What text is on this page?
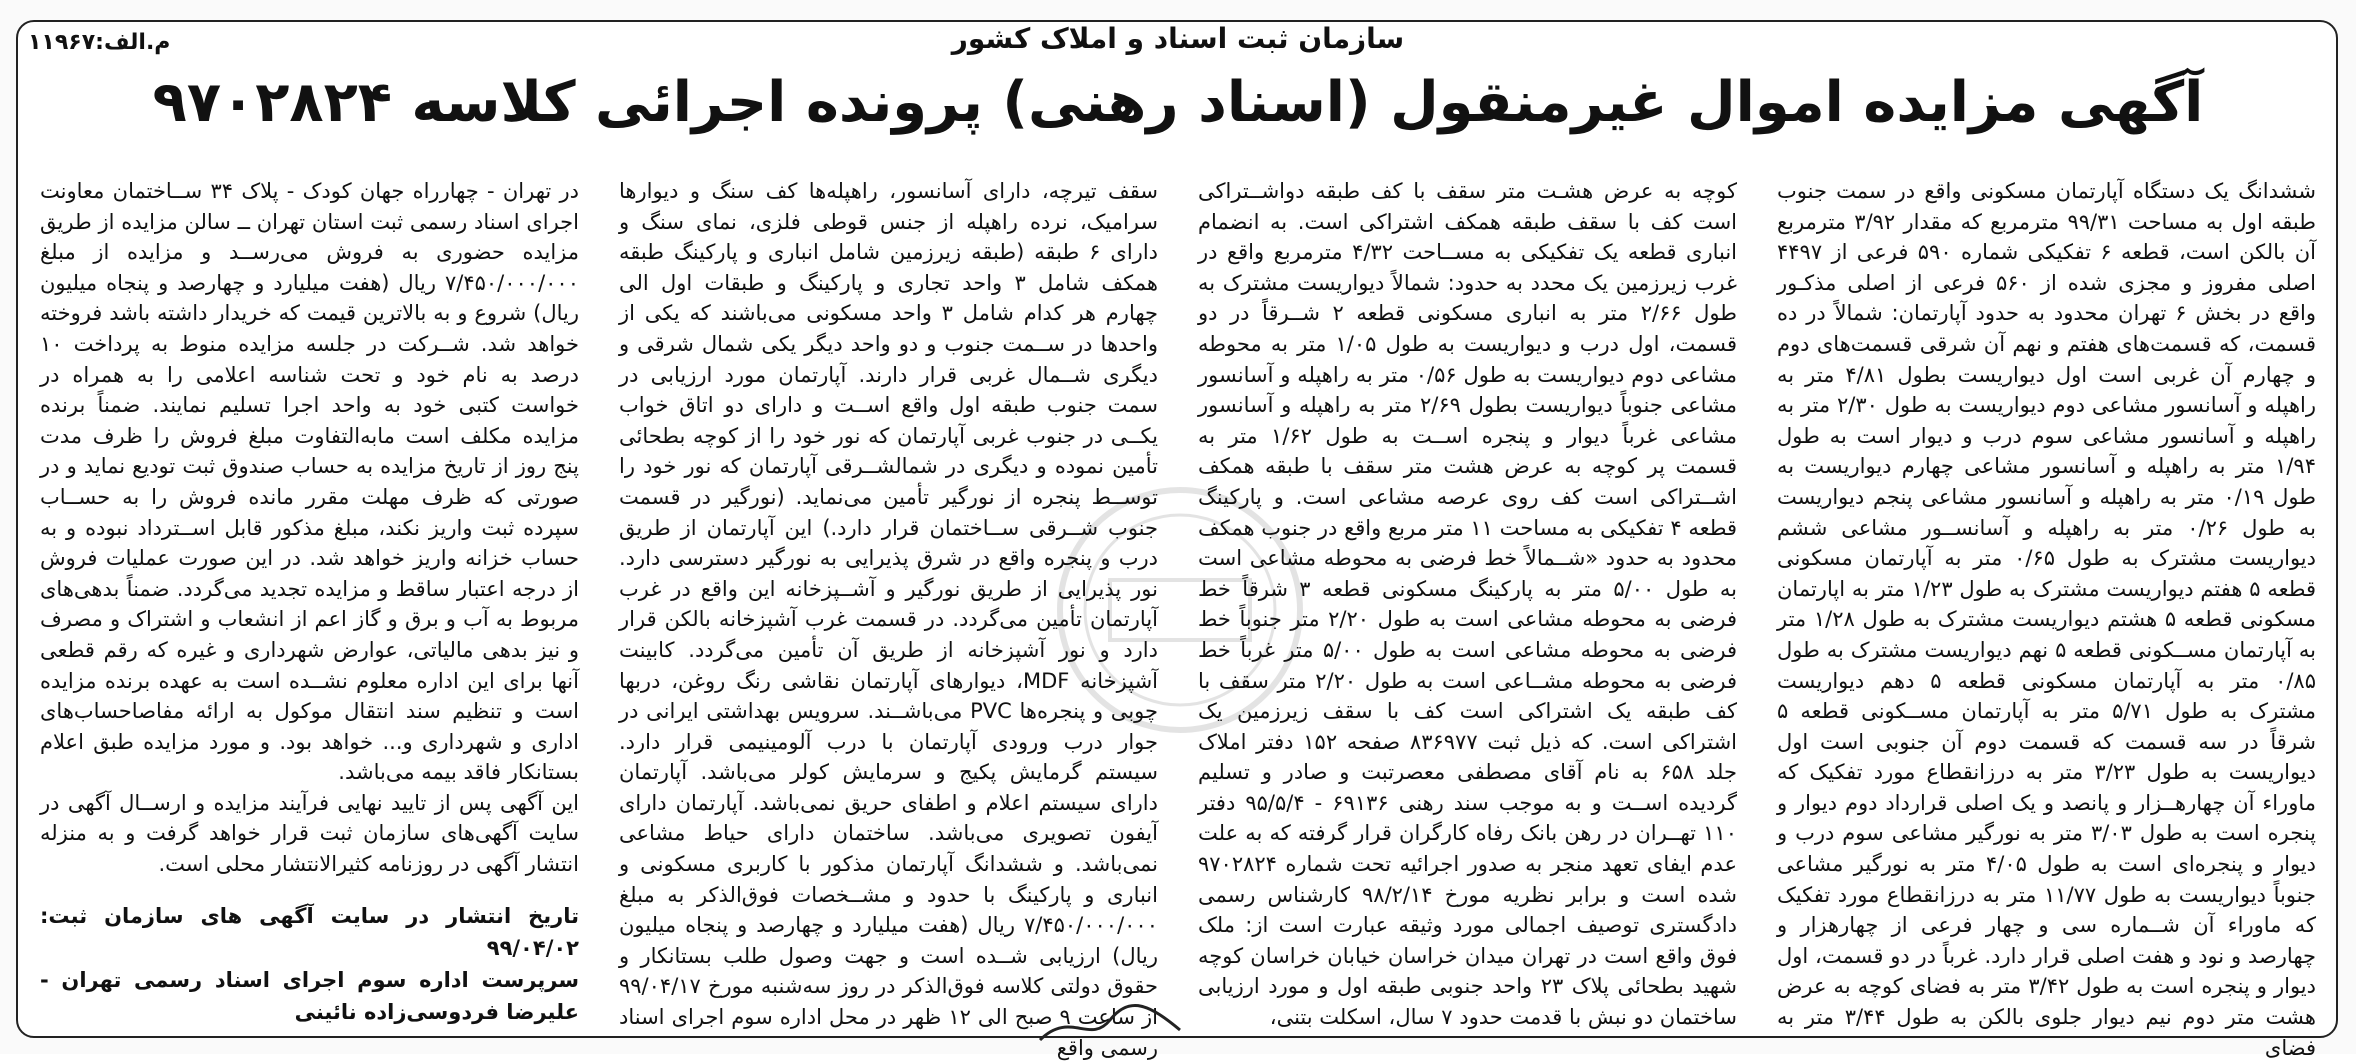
م.الف:۱۱۹۶۷	سازمان ثبت اسناد و املاک کشور
آگهی مزایده اموال غیرمنقول (اسناد رهنی) پرونده اجرائی کلاسه ۹۷۰۲۸۲۴

ششدانگ یک دستگاه آپارتمان مسکونی واقع در سمت جنوب طبقه اول به مساحت ۹۹/۳۱ مترمربع که مقدار ۳/۹۲ مترمربع آن بالکن است، قطعه ۶ تفکیکی شماره ۵۹۰ فرعی از ۴۴۹۷ اصلی مفروز و مجزی شده از ۵۶۰ فرعی از اصلی مذکـور واقع در بخش ۶ تهران محدود به حدود آپارتمان: شمالاً در ده قسمت، که قسمت‌های هفتم و نهم آن شرقی قسمت‌های دوم و چهارم آن غربی است اول دیواریست بطول ۴/۸۱ متر به راهپله و آسانسور مشاعی دوم دیواریست به طول ۲/۳۰ متر به راهپله و آسانسور مشاعی سوم درب و دیوار است به طول ۱/۹۴ متر به راهپله و آسانسور مشاعی چهارم دیواریست به طول ۰/۱۹ متر به راهپله و آسانسور مشاعی پنجم دیواریست به طول ۰/۲۶ متر به راهپله و آسانســور مشاعی ششم دیواریست مشترک به طول ۰/۶۵ متر به آپارتمان مسکونی قطعه ۵ هفتم دیواریست مشترک به طول ۱/۲۳ متر به اپارتمان مسکونی قطعه ۵ هشتم دیواریست مشترک به طول ۱/۲۸ متر به آپارتمان مســکونی قطعه ۵ نهم دیواریست مشترک به طول ۰/۸۵ متر به آپارتمان مسکونی قطعه ۵ دهم دیواریست مشترک به طول ۵/۷۱ متر به آپارتمان مســکونی قطعه ۵ شرقاً در سه قسمت که قسمت دوم آن جنوبی است اول دیواریست به طول ۳/۲۳ متر به درزانقطاع مورد تفکیک که ماوراء آن چهارهــزار و پانصد و یک اصلی قرارداد دوم دیوار و پنجره است به طول ۳/۰۳ متر به نورگیر مشاعی سوم درب و دیوار و پنجره‌ای است به طول ۴/۰۵ متر به نورگیر مشاعی جنوباً دیواریست به طول ۱۱/۷۷ متر به درزانقطاع مورد تفکیک که ماوراء آن شــماره سی و چهار فرعی از چهارهزار و چهارصد و نود و هفت اصلی قرار دارد. غرباً در دو قسمت، اول دیوار و پنجره است به طول ۳/۴۲ متر به فضای کوچه به عرض هشت متر دوم نیم دیوار جلوی بالکن به طول ۳/۴۴ متر به فضای

کوچه به عرض هشـت متر سقف با کف طبقه دواشــتراکی است کف با سقف طبقه همکف اشتراکی است. به انضمام انباری قطعه یک تفکیکی به مســاحت ۴/۳۲ مترمربع واقع در غرب زیرزمین یک محدد به حدود: شمالاً دیواریست مشترک به طول ۲/۶۶ متر به انباری مسکونی قطعه ۲ شــرقاً در دو قسمت، اول درب و دیواریست به طول ۱/۰۵ متر به محوطه مشاعی دوم دیواریست به طول ۰/۵۶ متر به راهپله و آسانسور مشاعی جنوباً دیواریست بطول ۲/۶۹ متر به راهپله و آسانسور مشاعی غرباً دیوار و پنجره اســت به طول ۱/۶۲ متر به قسمت پر کوچه به عرض هشت متر سقف با طبقه همکف اشــتراکی است کف روی عرصه مشاعی است. و پارکینگ قطعه ۴ تفکیکی به مساحت ۱۱ متر مربع واقع در جنوب همکف محدود به حدود «شــمالاً خط فرضی به محوطه مشاعی است به طول ۵/۰۰ متر به پارکینگ مسکونی قطعه ۳ شرقاً خط فرضی به محوطه مشاعی است به طول ۲/۲۰ متر جنوباً خط فرضی به محوطه مشاعی است به طول ۵/۰۰ متر غرباً خط فرضی به محوطه مشــاعی است به طول ۲/۲۰ متر سقف با کف طبقه یک اشتراکی است کف با سقف زیرزمین یک اشتراکی است. که ذیل ثبت ۸۳۶۹۷۷ صفحه ۱۵۲ دفتر املاک جلد ۶۵۸ به نام آقای مصطفی معصرتبت و صادر و تسلیم گردیده اســت و به موجب سند رهنی ۶۹۱۳۶ - ۹۵/۵/۴ دفتر ۱۱۰ تهــران در رهن بانک رفاه کارگران قرار گرفته که به علت عدم ایفای تعهد منجر به صدور اجرائیه تحت شماره ۹۷۰۲۸۲۴ شده است و برابر نظریه مورخ ۹۸/۲/۱۴ کارشناس رسمی دادگستری توصیف اجمالی مورد وثیقه عبارت است از: ملک فوق واقع است در تهران میدان خراسان خیابان خراسان کوچه شهید بطحائی پلاک ۲۳ واحد جنوبی طبقه اول و مورد ارزیابی ساختمان دو نبش با قدمت حدود ۷ سال، اسکلت بتنی،

سقف تیرچه، دارای آسانسور، راهپله‌ها کف سنگ و دیوارها سرامیک، نرده راهپله از جنس قوطی فلزی، نمای سنگ و دارای ۶ طبقه (طبقه زیرزمین شامل انباری و پارکینگ طبقه همکف شامل ۳ واحد تجاری و پارکینگ و طبقات اول الی چهارم هر کدام شامل ۳ واحد مسکونی می‌باشند که یکی از واحدها در ســمت جنوب و دو واحد دیگر یکی شمال شرقی و دیگری شــمال غربی قرار دارند. آپارتمان مورد ارزیابی در سمت جنوب طبقه اول واقع اســت و دارای دو اتاق خواب یکــی در جنوب غربی آپارتمان که نور خود را از کوچه بطحائی تأمین نموده و دیگری در شمالشــرقی آپارتمان که نور خود را توســط پنجره از نورگیر تأمین می‌نماید. (نورگیر در قسمت جنوب شــرقی ســاختمان قرار دارد.) این آپارتمان از طریق درب و پنجره واقع در شرق پذیرایی به نورگیر دسترسی دارد. نور پذیرایی از طریق نورگیر و آشــپزخانه این واقع در غرب آپارتمان تأمین می‌گردد. در قسمت غرب آشپزخانه بالکن قرار دارد و نور آشپزخانه از طریق آن تأمین می‌گردد. کابینت آشپزخانه MDF، دیوارهای آپارتمان نقاشی رنگ روغن، دربها چوبی و پنجره‌ها PVC می‌باشــند. سرویس بهداشتی ایرانی در جوار درب ورودی آپارتمان با درب آلومینیمی قرار دارد. سیستم گرمایش پکیج و سرمایش کولر می‌باشد. آپارتمان دارای سیستم اعلام و اطفای حریق نمی‌باشد. آپارتمان دارای آیفون تصویری می‌باشد. ساختمان دارای حیاط مشاعی نمی‌باشد. و ششدانگ آپارتمان مذکور با کاربری مسکونی و انباری و پارکینگ با حدود و مشــخصات فوق‌الذکر به مبلغ ۷/۴۵۰/۰۰۰/۰۰۰ ریال (هفت میلیارد و چهارصد و پنجاه میلیون ریال) ارزیابی شــده است و جهت وصول طلب بستانکار و حقوق دولتی کلاسه فوق‌الذکر در روز سه‌شنبه مورخ ۹۹/۰۴/۱۷ از ساعت ۹ صبح الی ۱۲ ظهر در محل اداره سوم اجرای اسناد رسمی واقع

در تهران - چهارراه جهان کودک - پلاک ۳۴ ســاختمان معاونت اجرای اسناد رسمی ثبت استان تهران ــ سالن مزایده از طریق مزایده حضوری به فروش می‌رســد و مزایده از مبلغ ۷/۴۵۰/۰۰۰/۰۰۰ ریال (هفت میلیارد و چهارصد و پنجاه میلیون ریال) شروع و به بالاترین قیمت که خریدار داشته باشد فروخته خواهد شد. شــرکت در جلسه مزایده منوط به پرداخت ۱۰ درصد به نام خود و تحت شناسه اعلامی را به همراه در خواست کتبی خود به واحد اجرا تسلیم نمایند. ضمناً برنده مزایده مکلف است مابه‌التفاوت مبلغ فروش را ظرف مدت پنج روز از تاریخ مزایده به حساب صندوق ثبت تودیع نماید و در صورتی که ظرف مهلت مقرر مانده فروش را به حســاب سپرده ثبت واریز نکند، مبلغ مذکور قابل اســترداد نبوده و به حساب خزانه واریز خواهد شد. در این صورت عملیات فروش از درجه اعتبار ساقط و مزایده تجدید می‌گردد. ضمناً بدهی‌های مربوط به آب و برق و گاز اعم از انشعاب و اشتراک و مصرف و نیز بدهی مالیاتی، عوارض شهرداری و غیره که رقم قطعی آنها برای این اداره معلوم نشــده است به عهده برنده مزایده است و تنظیم سند انتقال موکول به ارائه مفاصاحساب‌های اداری و شهرداری و... خواهد بود. و مورد مزایده طبق اعلام بستانکار فاقد بیمه می‌باشد.

این آگهی پس از تایید نهایی فرآیند مزایده و ارســال آگهی در سایت آگهی‌های سازمان ثبت قرار خواهد گرفت و به منزله انتشار آگهی در روزنامه کثیرالانتشار محلی است.

تاریخ انتشار در سایت آگهی های سازمان ثبت: ۹۹/۰۴/۰۲

سرپرست اداره سوم اجرای اسناد رسمی تهران - علیرضا فردوسی‌زاده نائینی
